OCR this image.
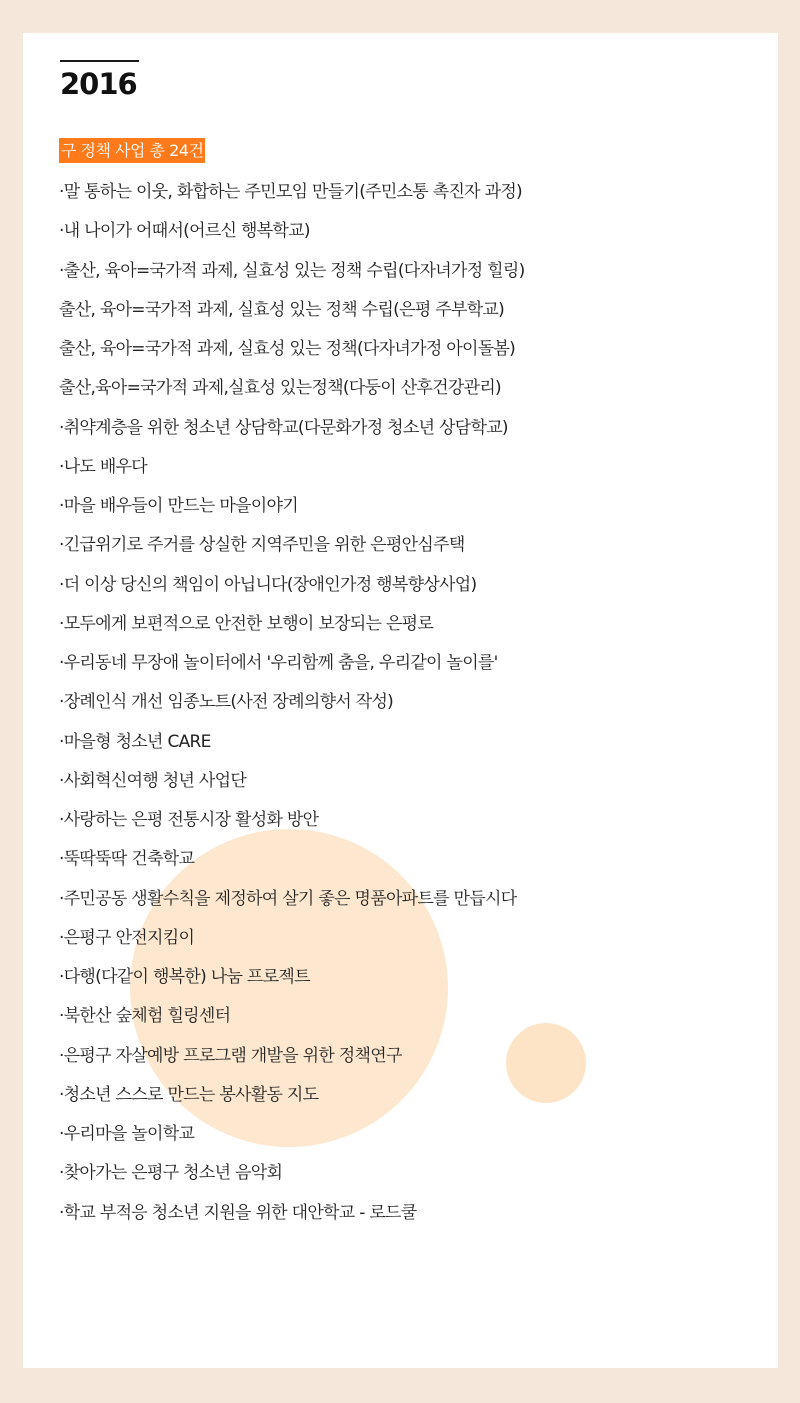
2016
구 정책 사업 총 24건
·말 통하는 이웃, 화합하는 주민모임 만들기(주민소통 촉진자 과정)
·내 나이가 어때서(어르신 행복학교)
·출산, 육아=국가적 과제, 실효성 있는 정책 수립(다자녀가정 힐링)
출산, 육아=국가적 과제, 실효성 있는 정책 수립(은평 주부학교)
출산, 육아=국가적 과제, 실효성 있는 정책(다자녀가정 아이돌봄)
출산,육아=국가적 과제,실효성 있는정책(다둥이 산후건강관리)
·취약계층을 위한 청소년 상담학교(다문화가정 청소년 상담학교)
·나도 배우다
·마을 배우들이 만드는 마을이야기
·긴급위기로 주거를 상실한 지역주민을 위한 은평안심주택
·더 이상 당신의 책임이 아닙니다(장애인가정 행복향상사업)
·모두에게 보편적으로 안전한 보행이 보장되는 은평로
·우리동네 무장애 놀이터에서 '우리함께 춤을, 우리같이 놀이를'
·장례인식 개선 임종노트(사전 장례의향서 작성)
·마을형 청소년 CARE
·사회혁신여행 청년 사업단
·사랑하는 은평 전통시장 활성화 방안
·뚝딱뚝딱 건축학교
·주민공동 생활수칙을 제정하여 살기 좋은 명품아파트를 만듭시다
·은평구 안전지킴이
·다행(다같이 행복한) 나눔 프로젝트
·북한산 숲체험 힐링센터
·은평구 자살예방 프로그램 개발을 위한 정책연구
·청소년 스스로 만드는 봉사활동 지도
·우리마을 놀이학교
·찾아가는 은평구 청소년 음악회
·학교 부적응 청소년 지원을 위한 대안학교 - 로드쿨
